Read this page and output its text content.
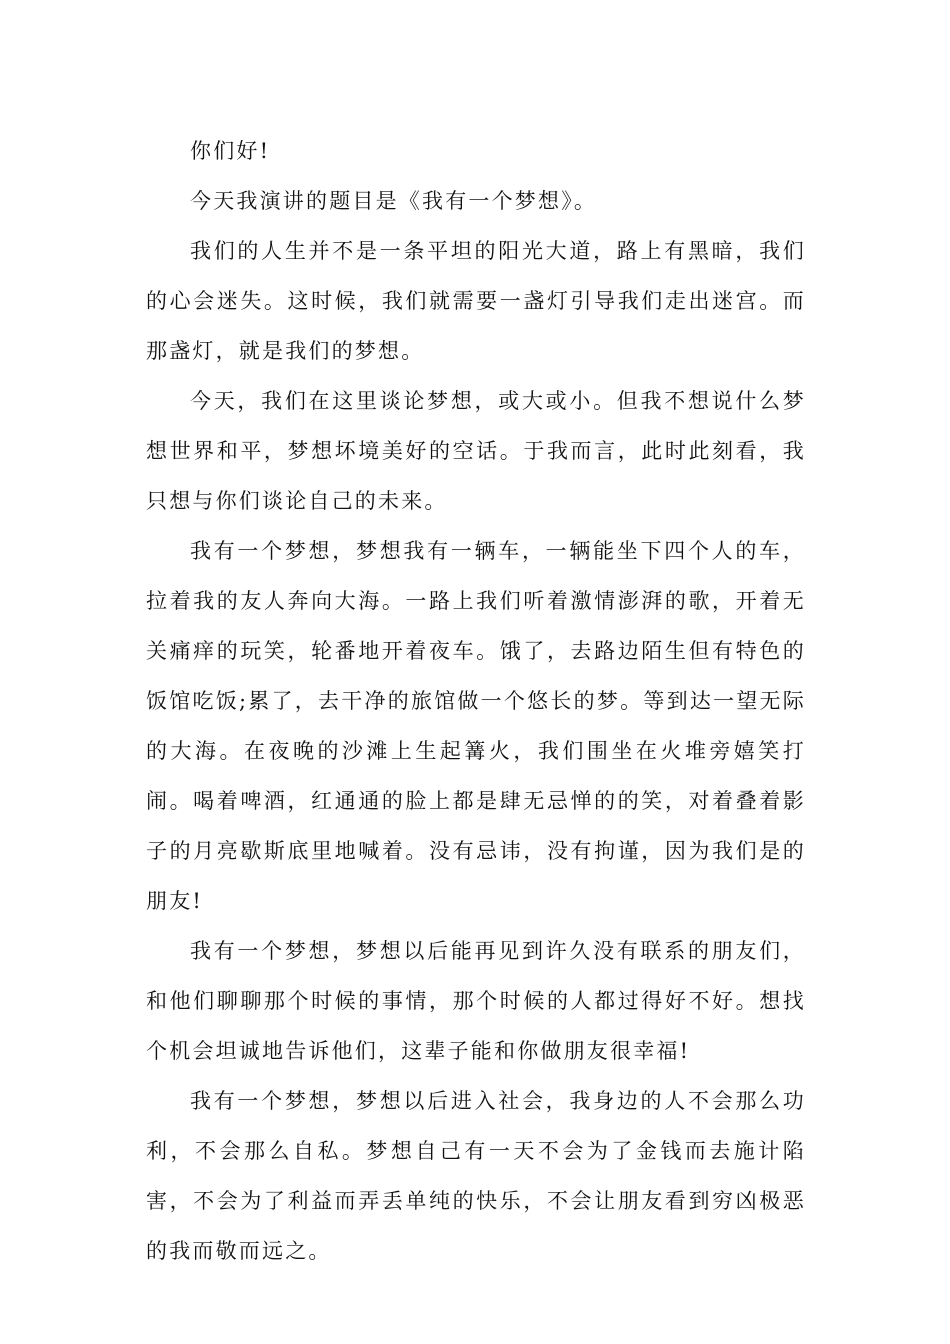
你们好!

今天我演讲的题目是《我有一个梦想》。

我们的人生并不是一条平坦的阳光大道，路上有黑暗，我们的心会迷失。这时候，我们就需要一盏灯引导我们走出迷宫。而那盏灯，就是我们的梦想。

今天，我们在这里谈论梦想，或大或小。但我不想说什么梦想世界和平，梦想坏境美好的空话。于我而言，此时此刻看，我只想与你们谈论自己的未来。

我有一个梦想，梦想我有一辆车，一辆能坐下四个人的车，拉着我的友人奔向大海。一路上我们听着激情澎湃的歌，开着无关痛痒的玩笑，轮番地开着夜车。饿了，去路边陌生但有特色的饭馆吃饭;累了，去干净的旅馆做一个悠长的梦。等到达一望无际的大海。在夜晚的沙滩上生起篝火，我们围坐在火堆旁嬉笑打闹。喝着啤酒，红通通的脸上都是肆无忌惮的的笑，对着叠着影子的月亮歇斯底里地喊着。没有忌讳，没有拘谨，因为我们是的朋友!

我有一个梦想，梦想以后能再见到许久没有联系的朋友们，和他们聊聊那个时候的事情，那个时候的人都过得好不好。想找个机会坦诚地告诉他们，这辈子能和你做朋友很幸福!

我有一个梦想，梦想以后进入社会，我身边的人不会那么功利，不会那么自私。梦想自己有一天不会为了金钱而去施计陷害，不会为了利益而弄丢单纯的快乐，不会让朋友看到穷凶极恶的我而敬而远之。
